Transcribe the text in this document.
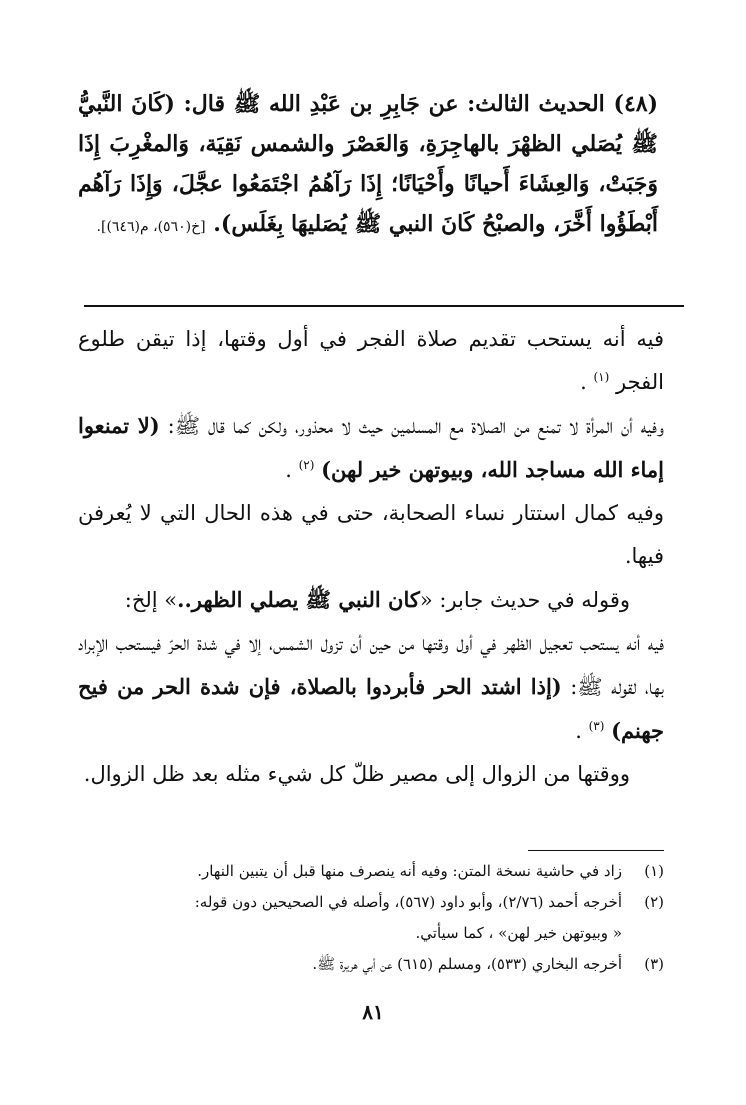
(٤٨) الحديث الثالث: عن جَابِرِ بن عَبْدِ الله ﷺ قال: (كَانَ النَّبيُّ ﷺ يُصَلي الظهْرَ بالهاجِرَةِ، وَالعَصْرَ والشمس نَقِيَة، وَالمغْرِبَ إِذَا وَجَبَتْ، وَالعِشَاءَ أَحيانًا وأَحْيَانًا؛ إِذَا رَآهُمُ اجْتَمَعُوا عجَّلَ، وَإِذَا رَآهُم أَبْطَؤُوا أَخَّرَ، والصبْحُ كَانَ النبي ﷺ يُصَليهَا بِغَلَس). [خ(٥٦٠)، م(٦٤٦)].

فيه أنه يستحب تقديم صلاة الفجر في أول وقتها، إذا تيقن طلوع الفجر $^{(١)}$ .

وفيه أن المرأة لا تمنع من الصلاة مع المسلمين حيث لا محذور، ولكن كما قال ﷺ: (لا تمنعوا إماء الله مساجد الله، وبيوتهن خير لهن) $^{(٢)}$ .

وفيه كمال استتار نساء الصحابة، حتى في هذه الحال التي لا يُعرفن فيها.

وقوله في حديث جابر: «كان النبي ﷺ يصلي الظهر..» إلخ:

فيه أنه يستحب تعجيل الظهر في أول وقتها من حين أن تزول الشمس، إلا في شدة الحرّ فيستحب الإبراد بها، لقوله ﷺ: (إذا اشتد الحر فأبردوا بالصلاة، فإن شدة الحر من فيح جهنم) $^{(٣)}$ .

ووقتها من الزوال إلى مصير ظلّ كل شيء مثله بعد ظل الزوال.

(١)
زاد في حاشية نسخة المتن: وفيه أنه ينصرف منها قبل أن يتبين النهار.
(٢)
أخرجه أحمد (٢/٧٦)، وأبو داود (٥٦٧)، وأصله في الصحيحين دون قوله:
« وبيوتهن خير لهن» ، كما سيأتي.
(٣)
أخرجه البخاري (٥٣٣)، ومسلم (٦١٥) عن أبي هريرة ﷺ.
٨١
